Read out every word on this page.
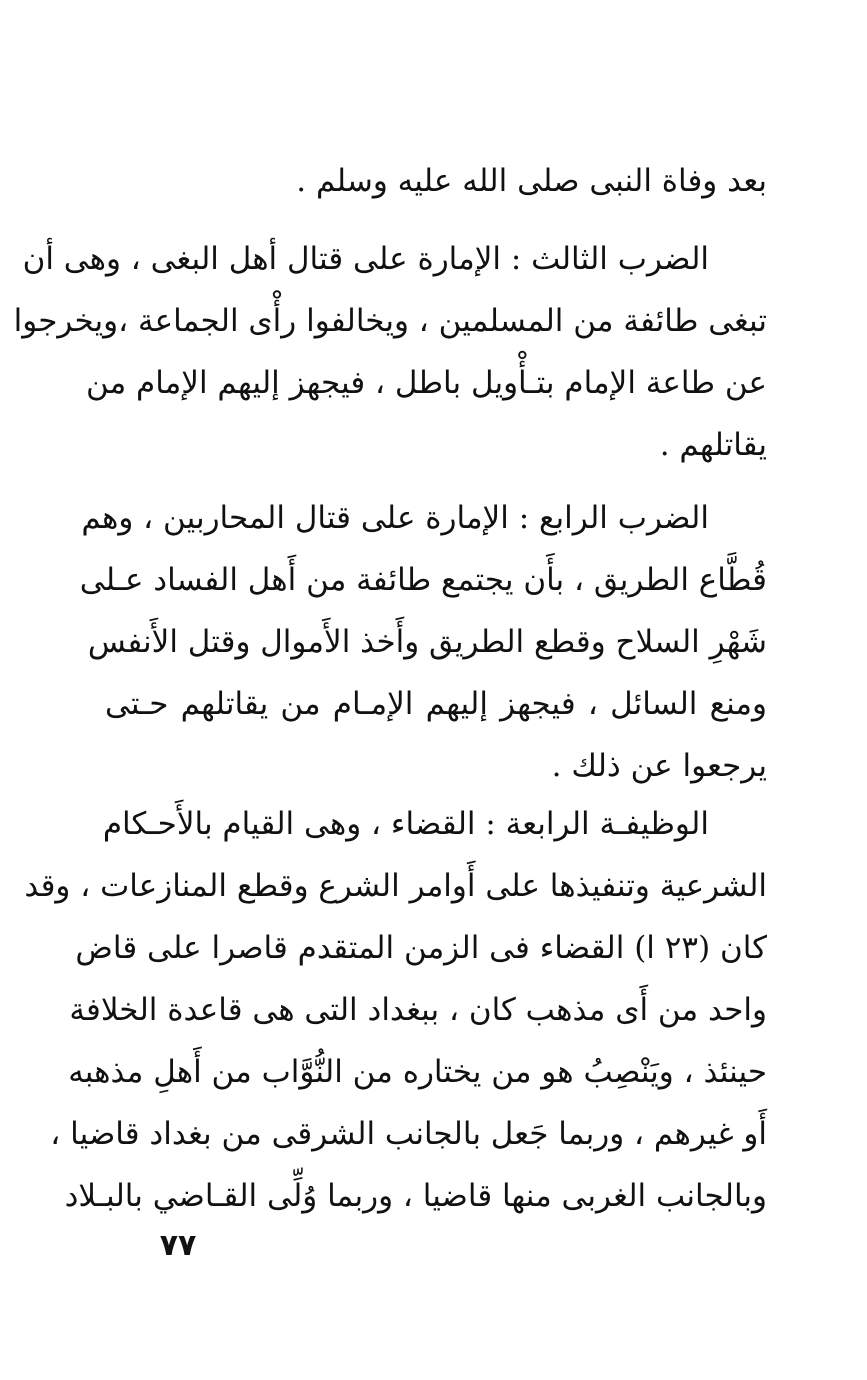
بعد وفاة النبى صلى الله عليه وسلم .
الضرب الثالث : الإمارة على قتال أهل البغى ، وهى أن
تبغى طائفة من المسلمين ، ويخالفوا رأْى الجماعة ،ويخرجوا
عن طاعة الإمام بتـأْويل باطل ، فيجهز إليهم الإمام من
يقاتلهم .
الضرب الرابع : الإمارة على قتال المحاربين ، وهم
قُطَّاع الطريق ، بأَن يجتمع طائفة من أَهل الفساد عـلى
شَهْرِ السلاح وقطع الطريق وأَخذ الأَموال وقتل الأَنفس
ومنع السائل ، فيجهز إليهم الإمـام من يقاتلهم حـتى
يرجعوا عن ذلك .
الوظيفـة الرابعة : القضاء ، وهى القيام بالأَحـكام
الشرعية وتنفيذها على أَوامر الشرع وقطع المنازعات ، وقد
كان (٢٣ ا) القضاء فى الزمن المتقدم قاصرا على قاض
واحد من أَى مذهب كان ، ببغداد التى هى قاعدة الخلافة
حينئذ ، ويَنْصِبُ هو من يختاره من النُّوَّاب من أَهلِ مذهبه
أَو غيرهم ، وربما جَعل بالجانب الشرقى من بغداد قاضيا ،
وبالجانب الغربى منها قاضيا ، وربما وُلِّى القـاضي بالبـلاد
٧٧
